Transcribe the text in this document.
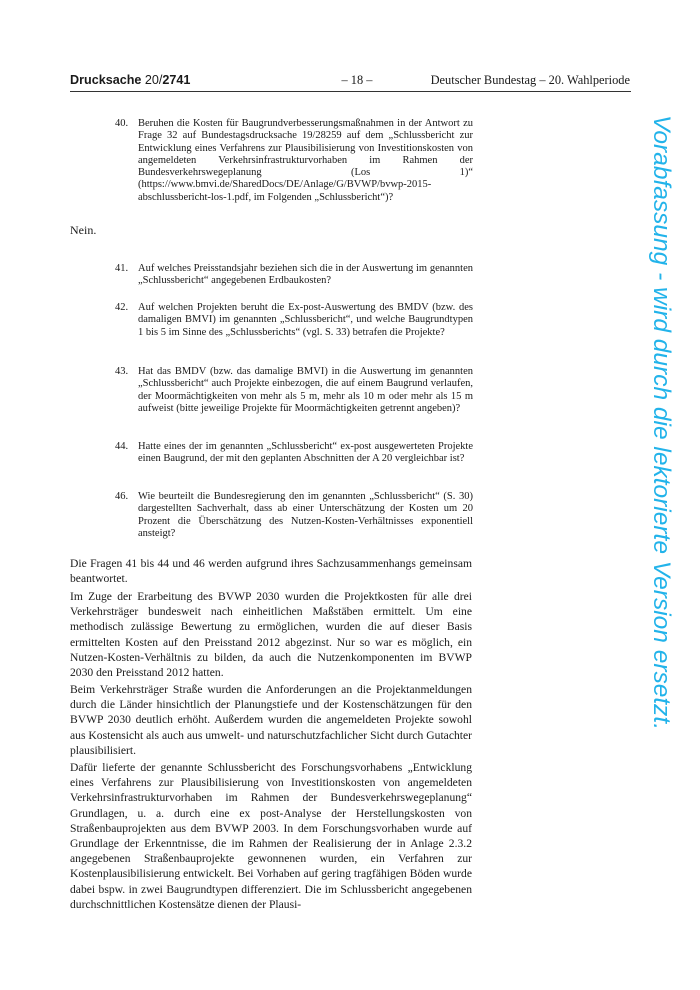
Drucksache 20/2741	– 18 –	Deutscher Bundestag – 20. Wahlperiode
40. Beruhen die Kosten für Baugrundverbesserungsmaßnahmen in der Antwort zu Frage 32 auf Bundestagsdrucksache 19/28259 auf dem „Schlussbericht zur Entwicklung eines Verfahrens zur Plausibilisierung von Investitionskosten von angemeldeten Verkehrsinfrastrukturvorhaben im Rahmen der Bundesverkehrswegeplanung (Los 1)“ (https://www.bmvi.de/SharedDocs/DE/Anlage/G/BVWP/bvwp-2015-abschlussbericht-los-1.pdf, im Folgenden „Schlussbericht“)?
Nein.
41. Auf welches Preisstandsjahr beziehen sich die in der Auswertung im genannten „Schlussbericht“ angegebenen Erdbaukosten?
42. Auf welchen Projekten beruht die Ex-post-Auswertung des BMDV (bzw. des damaligen BMVI) im genannten „Schlussbericht“, und welche Baugrundtypen 1 bis 5 im Sinne des „Schlussberichts“ (vgl. S. 33) betrafen die Projekte?
43. Hat das BMDV (bzw. das damalige BMVI) in die Auswertung im genannten „Schlussbericht“ auch Projekte einbezogen, die auf einem Baugrund verlaufen, der Moormächtigkeiten von mehr als 5 m, mehr als 10 m oder mehr als 15 m aufweist (bitte jeweilige Projekte für Moormächtigkeiten getrennt angeben)?
44. Hatte eines der im genannten „Schlussbericht“ ex-post ausgewerteten Projekte einen Baugrund, der mit den geplanten Abschnitten der A 20 vergleichbar ist?
46. Wie beurteilt die Bundesregierung den im genannten „Schlussbericht“ (S. 30) dargestellten Sachverhalt, dass ab einer Unterschätzung der Kosten um 20 Prozent die Überschätzung des Nutzen-Kosten-Verhältnisses exponentiell ansteigt?

Die Fragen 41 bis 44 und 46 werden aufgrund ihres Sachzusammenhangs gemeinsam beantwortet.

Im Zuge der Erarbeitung des BVWP 2030 wurden die Projektkosten für alle drei Verkehrsträger bundesweit nach einheitlichen Maßstäben ermittelt. Um eine methodisch zulässige Bewertung zu ermöglichen, wurden die auf dieser Basis ermittelten Kosten auf den Preisstand 2012 abgezinst. Nur so war es möglich, ein Nutzen-Kosten-Verhältnis zu bilden, da auch die Nutzenkomponenten im BVWP 2030 den Preisstand 2012 hatten.

Beim Verkehrsträger Straße wurden die Anforderungen an die Projektanmeldungen durch die Länder hinsichtlich der Planungstiefe und der Kostenschätzungen für den BVWP 2030 deutlich erhöht. Außerdem wurden die angemeldeten Projekte sowohl aus Kostensicht als auch aus umwelt- und naturschutzfachlicher Sicht durch Gutachter plausibilisiert.

Dafür lieferte der genannte Schlussbericht des Forschungsvorhabens „Entwicklung eines Verfahrens zur Plausibilisierung von Investitionskosten von angemeldeten Verkehrsinfrastrukturvorhaben im Rahmen der Bundesverkehrswegeplanung“ Grundlagen, u. a. durch eine ex post-Analyse der Herstellungskosten von Straßenbauprojekten aus dem BVWP 2003. In dem Forschungsvorhaben wurde auf Grundlage der Erkenntnisse, die im Rahmen der Realisierung der in Anlage 2.3.2 angegebenen Straßenbauprojekte gewonnenen wurden, ein Verfahren zur Kostenplausibilisierung entwickelt. Bei Vorhaben auf gering tragfähigen Böden wurde dabei bspw. in zwei Baugrundtypen differenziert. Die im Schlussbericht angegebenen durchschnittlichen Kostensätze dienen der Plausi-

Vorabfassung - wird durch die lektorierte Version ersetzt.
